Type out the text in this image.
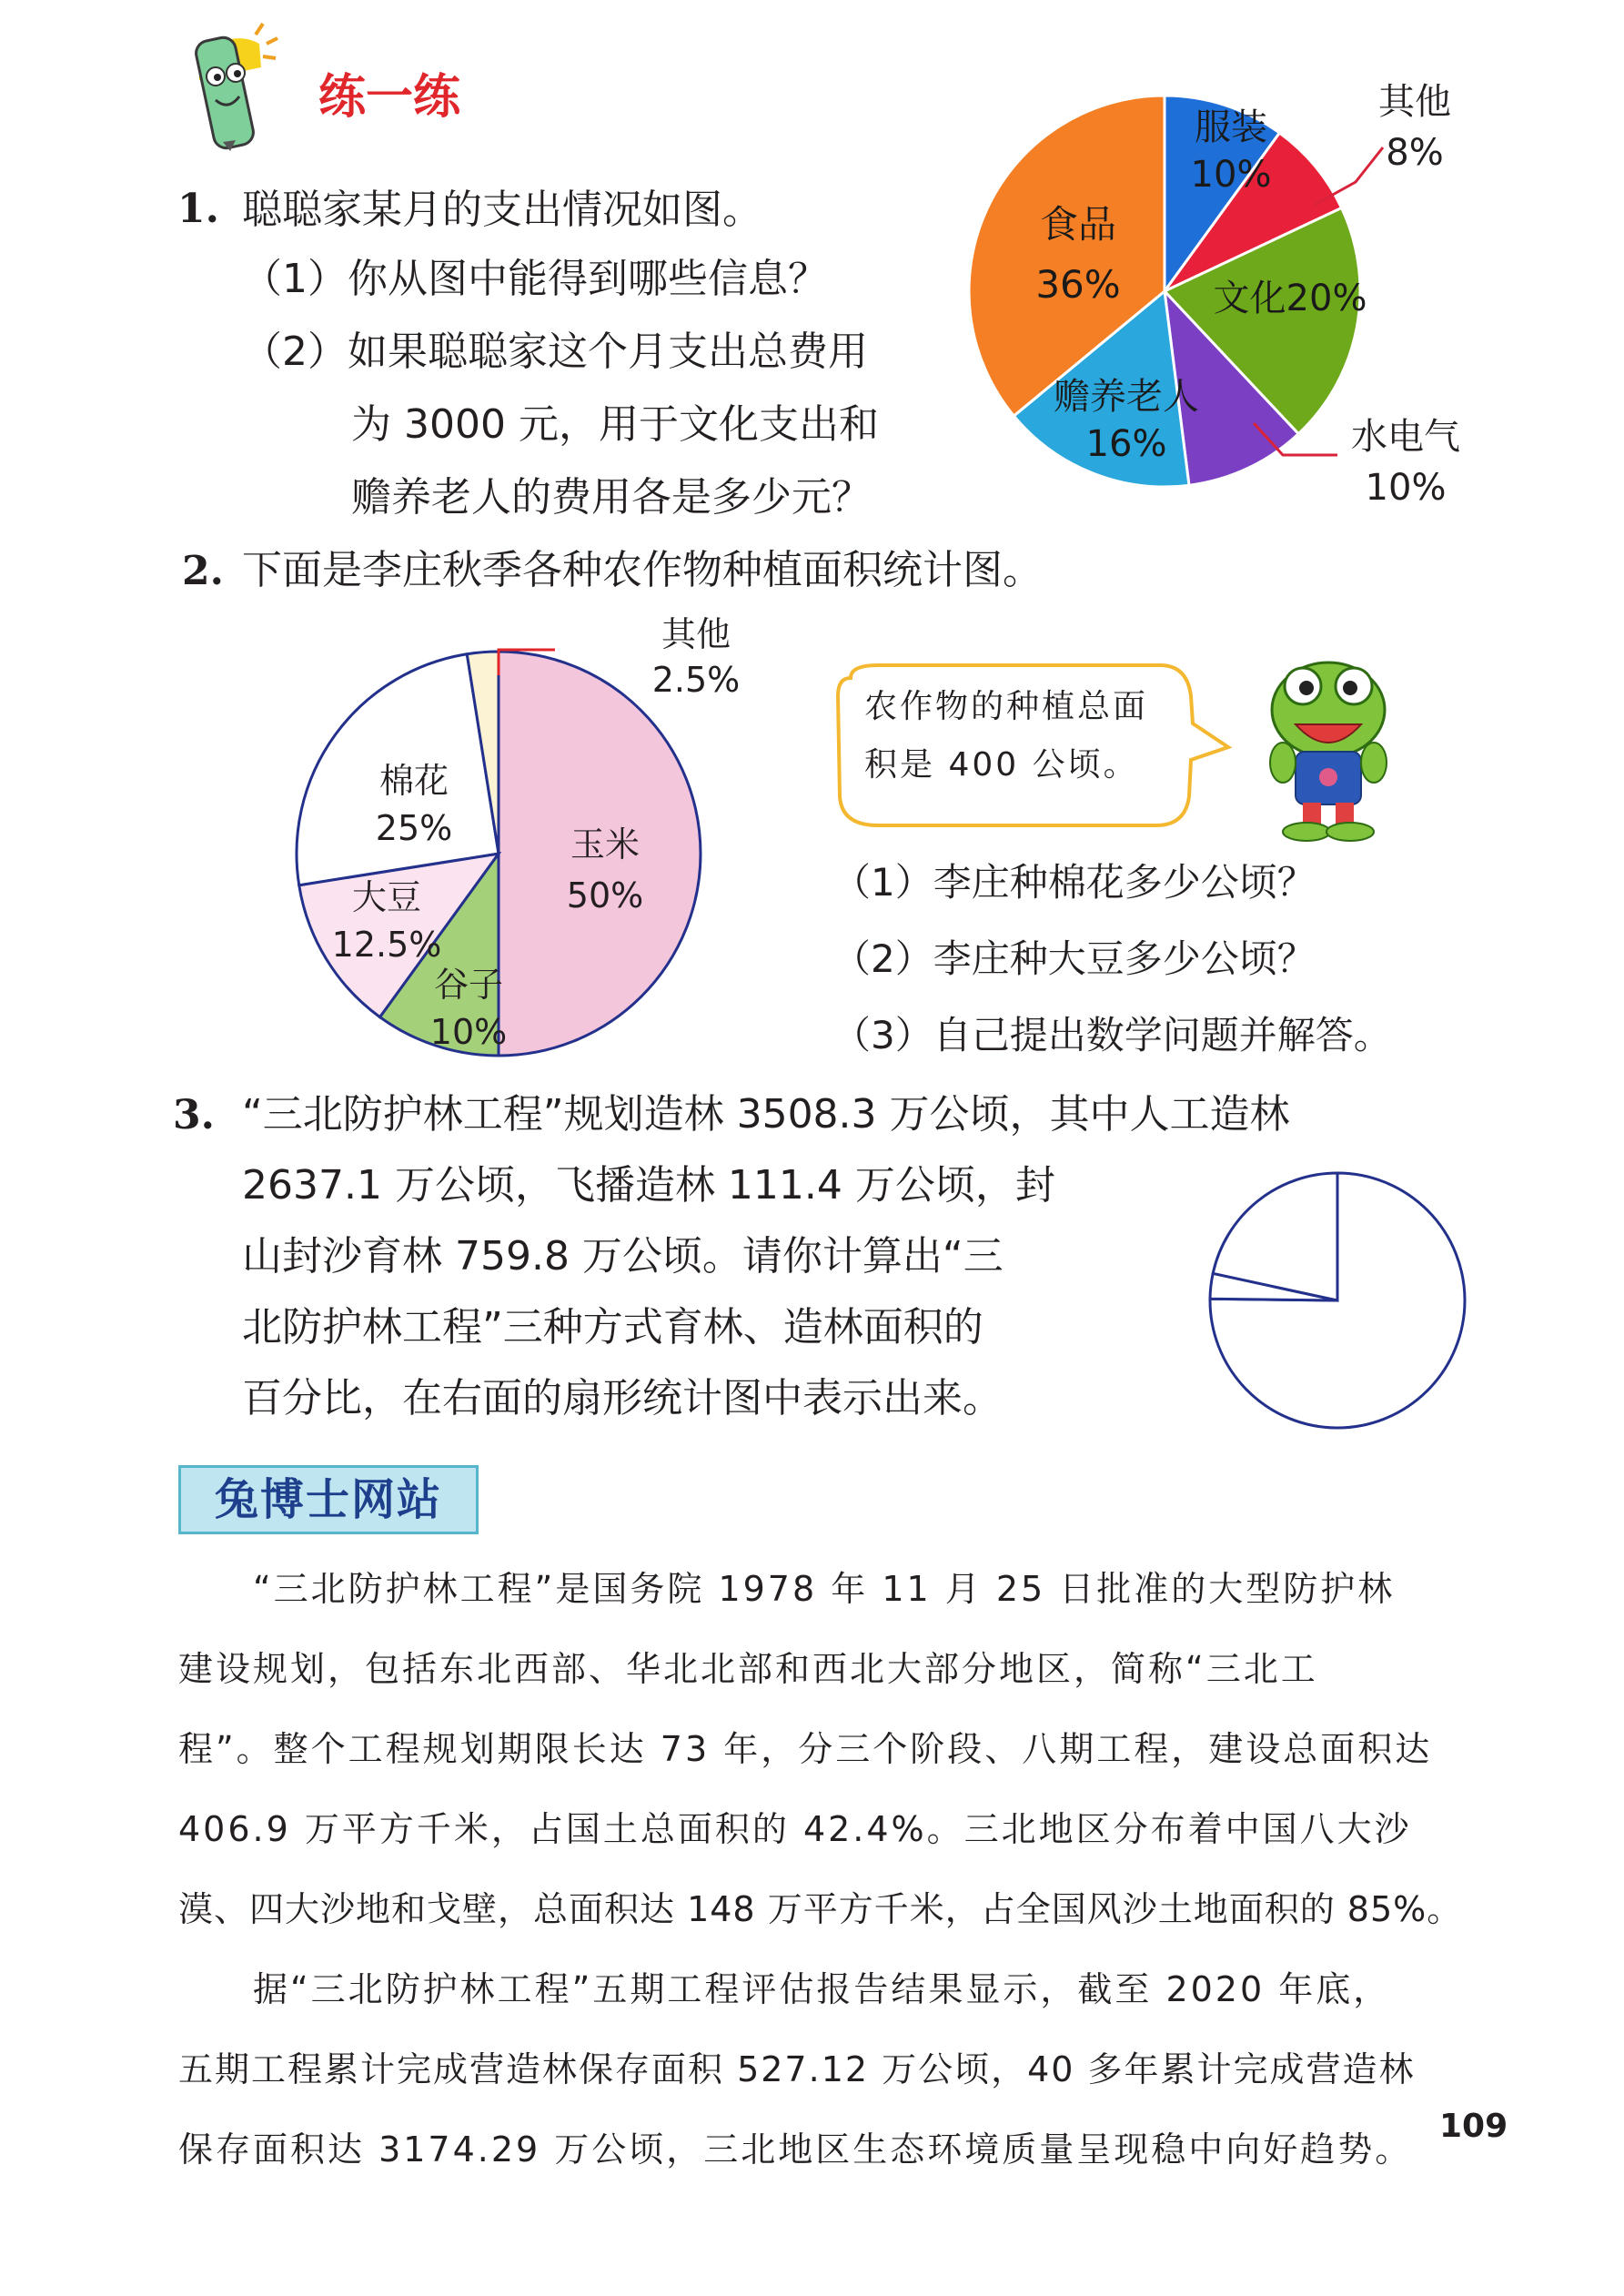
练一练
1. 聪聪家某月的支出情况如图。
（1）你从图中能得到哪些信息？
（2）如果聪聪家这个月支出总费用
为 3000 元，用于文化支出和
赡养老人的费用各是多少元？
服装
10%
其他
8%
文化20%
水电气
10%
赡养老人
16%
食品
36%
2. 下面是李庄秋季各种农作物种植面积统计图。
玉米
50%
谷子
10%
大豆
12.5%
棉花
25%
其他
2.5%
农作物的种植总面
积是 400 公顷。
（1）李庄种棉花多少公顷？
（2）李庄种大豆多少公顷？
（3）自己提出数学问题并解答。
3. “三北防护林工程”规划造林 3508.3 万公顷，其中人工造林
2637.1 万公顷，飞播造林 111.4 万公顷，封
山封沙育林 759.8 万公顷。请你计算出“三
北防护林工程”三种方式育林、造林面积的
百分比，在右面的扇形统计图中表示出来。
兔博士网站

“三北防护林工程”是国务院 1978 年 11 月 25 日批准的大型防护林

建设规划，包括东北西部、华北北部和西北大部分地区，简称“三北工

程”。整个工程规划期限长达 73 年，分三个阶段、八期工程，建设总面积达

406.9 万平方千米，占国土总面积的 42.4%。三北地区分布着中国八大沙

漠、四大沙地和戈壁，总面积达 148 万平方千米，占全国风沙土地面积的 85%。

据“三北防护林工程”五期工程评估报告结果显示，截至 2020 年底，

五期工程累计完成营造林保存面积 527.12 万公顷，40 多年累计完成营造林

保存面积达 3174.29 万公顷，三北地区生态环境质量呈现稳中向好趋势。

109
